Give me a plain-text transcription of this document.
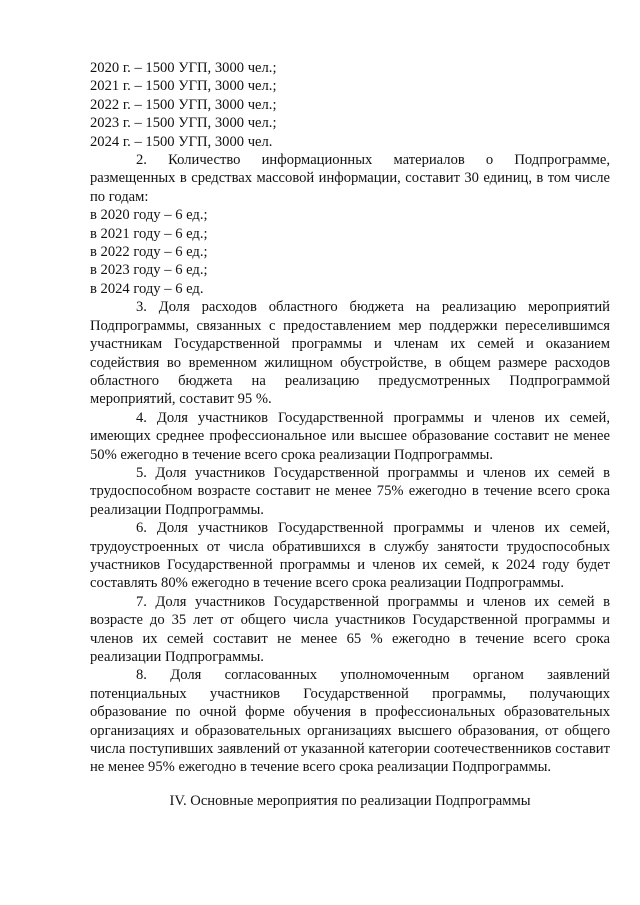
2020 г. – 1500 УГП, 3000 чел.;
2021 г. – 1500 УГП, 3000 чел.;
2022 г. – 1500 УГП, 3000 чел.;
2023 г. – 1500 УГП, 3000 чел.;
2024 г. – 1500 УГП, 3000 чел.
2. Количество информационных материалов о Подпрограмме, размещенных в средствах массовой информации, составит 30 единиц, в том числе по годам:
в 2020 году – 6 ед.;
в 2021 году – 6 ед.;
в 2022 году – 6 ед.;
в 2023 году – 6 ед.;
в 2024 году – 6 ед.
3. Доля расходов областного бюджета на реализацию мероприятий Подпрограммы, связанных с предоставлением мер поддержки переселившимся участникам Государственной программы и членам их семей и оказанием содействия во временном жилищном обустройстве, в общем размере расходов областного бюджета на реализацию предусмотренных Подпрограммой мероприятий, составит 95 %.
4. Доля участников Государственной программы и членов их семей, имеющих среднее профессиональное или высшее образование составит не менее 50% ежегодно в течение всего срока реализации Подпрограммы.
5. Доля участников Государственной программы и членов их семей в трудоспособном возрасте составит не менее 75% ежегодно в течение всего срока реализации Подпрограммы.
6. Доля участников Государственной программы и членов их семей, трудоустроенных от числа обратившихся в службу занятости трудоспособных участников Государственной программы и членов их семей, к 2024 году будет составлять 80% ежегодно в течение всего срока реализации Подпрограммы.
7. Доля участников Государственной программы и членов их семей в возрасте до 35 лет от общего числа участников Государственной программы и членов их семей составит не менее 65 % ежегодно в течение всего срока реализации Подпрограммы.
8. Доля согласованных уполномоченным органом заявлений потенциальных участников Государственной программы, получающих образование по очной форме обучения в профессиональных образовательных организациях и образовательных организациях высшего образования, от общего числа поступивших заявлений от указанной категории соотечественников составит не менее 95% ежегодно в течение всего срока реализации Подпрограммы.
IV. Основные мероприятия по реализации Подпрограммы
